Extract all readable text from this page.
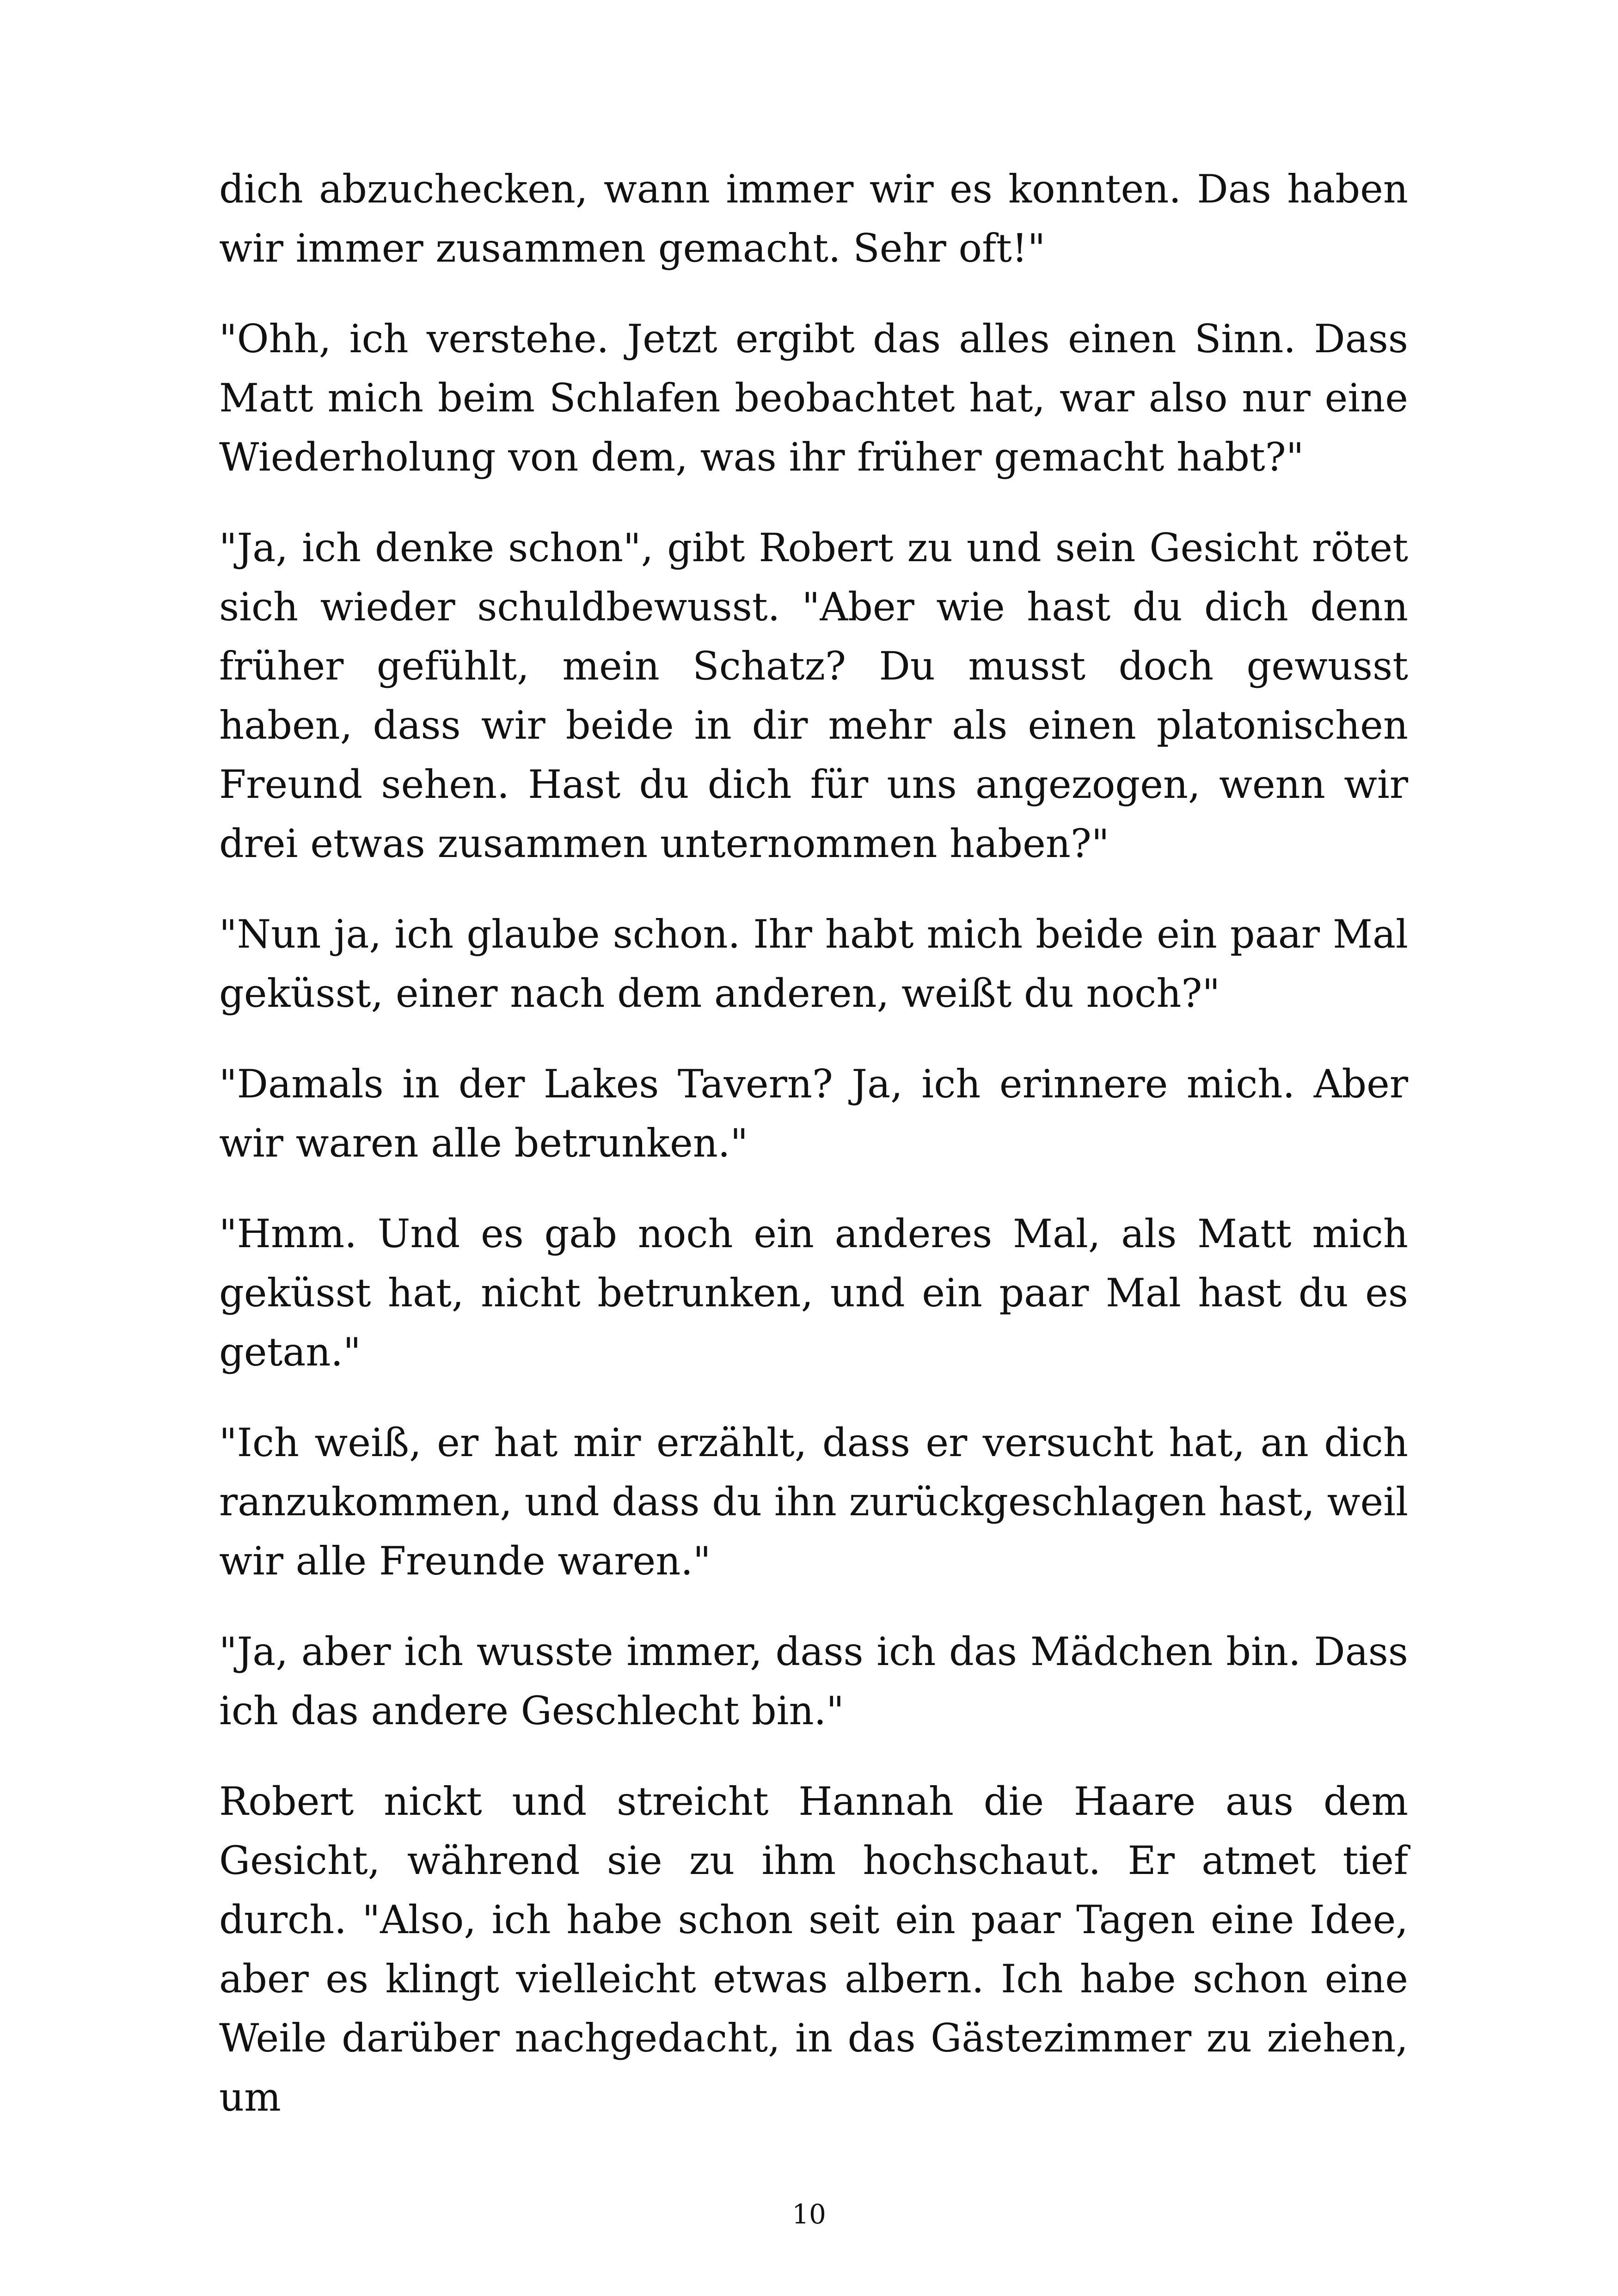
dich abzuchecken, wann immer wir es konnten. Das haben wir immer zusammen gemacht. Sehr oft!"

"Ohh, ich verstehe. Jetzt ergibt das alles einen Sinn. Dass Matt mich beim Schlafen beobachtet hat, war also nur eine Wiederholung von dem, was ihr früher gemacht habt?"

"Ja, ich denke schon", gibt Robert zu und sein Gesicht rötet sich wieder schuldbewusst. "Aber wie hast du dich denn früher gefühlt, mein Schatz? Du musst doch gewusst haben, dass wir beide in dir mehr als einen platonischen Freund sehen. Hast du dich für uns angezogen, wenn wir drei etwas zusammen unternommen haben?"

"Nun ja, ich glaube schon. Ihr habt mich beide ein paar Mal geküsst, einer nach dem anderen, weißt du noch?"

"Damals in der Lakes Tavern? Ja, ich erinnere mich. Aber wir waren alle betrunken."

"Hmm. Und es gab noch ein anderes Mal, als Matt mich geküsst hat, nicht betrunken, und ein paar Mal hast du es getan."

"Ich weiß, er hat mir erzählt, dass er versucht hat, an dich ranzukommen, und dass du ihn zurückgeschlagen hast, weil wir alle Freunde waren."

"Ja, aber ich wusste immer, dass ich das Mädchen bin. Dass ich das andere Geschlecht bin."

Robert nickt und streicht Hannah die Haare aus dem Gesicht, während sie zu ihm hochschaut. Er atmet tief durch. "Also, ich habe schon seit ein paar Tagen eine Idee, aber es klingt vielleicht etwas albern. Ich habe schon eine Weile darüber nachgedacht, in das Gästezimmer zu ziehen, um

10
